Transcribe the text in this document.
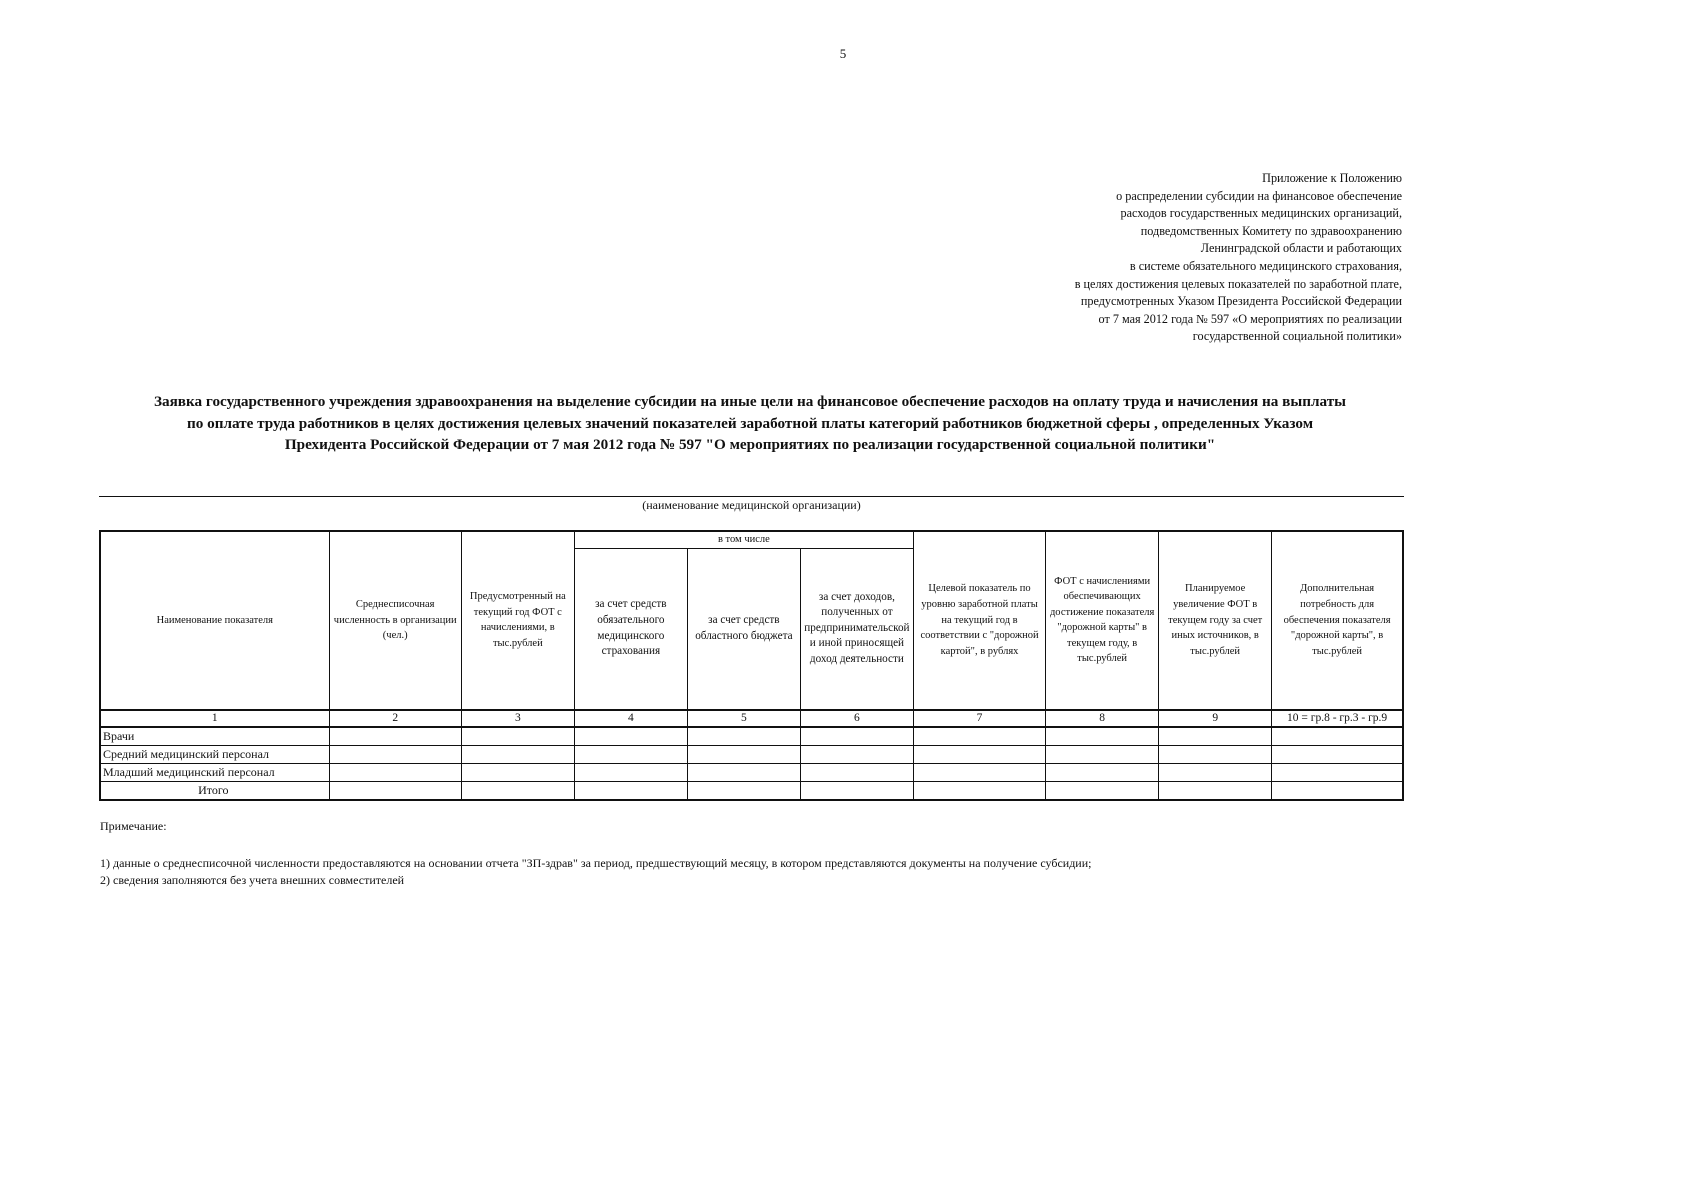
5
Приложение к Положению
о распределении субсидии на финансовое обеспечение
расходов государственных медицинских организаций,
подведомственных Комитету по здравоохранению
Ленинградской области и работающих
в системе обязательного медицинского страхования,
в целях достижения целевых показателей по заработной плате,
предусмотренных Указом Президента Российской Федерации
от 7 мая 2012 года № 597 «О мероприятиях по реализации
государственной социальной политики»
Заявка государственного учреждения здравоохранения на выделение субсидии на иные цели на финансовое обеспечение расходов на оплату труда и начисления на выплаты
по оплате труда работников в целях достижения целевых значений показателей заработной платы категорий работников бюджетной сферы , определенных Указом
Прехидента Российской Федерации от 7 мая 2012 года № 597 "О мероприятиях по реализации государственной социальной политики"
(наименование медицинской организации)
Наименование показателя	Среднесписочная численность в организации (чел.)	Предусмотренный на текущий год ФОТ с начислениями, в тыс.рублей	в том числе			Целевой показатель по уровню заработной платы на текущий год в соответствии с "дорожной картой", в рублях	ФОТ с начислениями обеспечивающих достижение показателя "дорожной карты" в текущем году, в тыс.рублей	Планируемое увеличение ФОТ в текущем году за счет иных источников, в тыс.рублей	Дополнительная потребность для обеспечения показателя "дорожной карты", в тыс.рублей
			за счет средств обязательного медицинского страхования	за счет средств областного бюджета	за счет доходов, полученных от предпринимательской и иной приносящей доход деятельности				
1	2	3	4	5	6	7	8	9	10 = гр.8 - гр.3 - гр.9
Врачи									
Средний медицинский персонал									
Младший медицинский персонал									
Итого									
Примечание:
1) данные о среднесписочной численности предоставляются на основании отчета "ЗП-здрав" за период, предшествующий месяцу, в котором представляются документы на получение субсидии;
2) сведения заполняются без учета внешних совместителей
